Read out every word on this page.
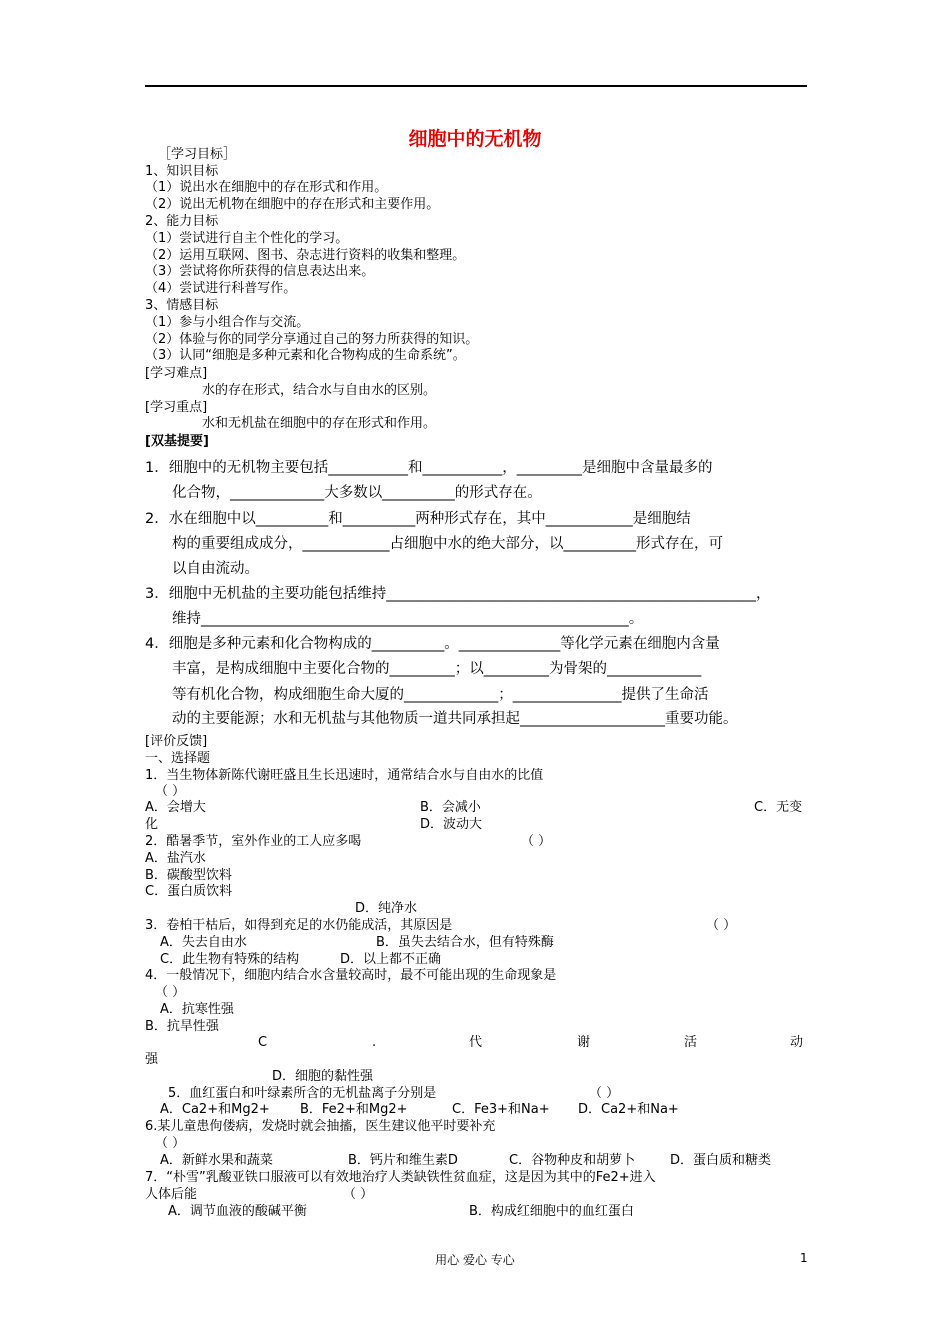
细胞中的无机物
［学习目标］
1、知识目标
（1）说出水在细胞中的存在形式和作用。
（2）说出无机物在细胞中的存在形式和主要作用。
2、能力目标
（1）尝试进行自主个性化的学习。
（2）运用互联网、图书、杂志进行资料的收集和整理。
（3）尝试将你所获得的信息表达出来。
（4）尝试进行科普写作。
3、情感目标
（1）参与小组合作与交流。
（2）体验与你的同学分享通过自己的努力所获得的知识。
（3）认同“细胞是多种元素和化合物构成的生命系统”。
[学习难点]
水的存在形式，结合水与自由水的区别。
[学习重点]
水和无机盐在细胞中的存在形式和作用。
[双基提要]
1．细胞中的无机物主要包括___________和___________，_________是细胞中含量最多的
化合物，_____________大多数以__________的形式存在。
2．水在细胞中以__________和__________两种形式存在，其中____________是细胞结
构的重要组成成分，____________占细胞中水的绝大部分，以__________形式存在，可
以自由流动。
3．细胞中无机盐的主要功能包括维持___________________________________________________，
维持___________________________________________________________。
4．细胞是多种元素和化合物构成的__________。______________等化学元素在细胞内含量
丰富，是构成细胞中主要化合物的_________；以_________为骨架的_____________
等有机化合物，构成细胞生命大厦的_____________；_______________提供了生命活
动的主要能源；水和无机盐与其他物质一道共同承担起____________________重要功能。
[评价反馈]
一、选择题
1．当生物体新陈代谢旺盛且生长迅速时，通常结合水与自由水的比值
（ ）
A．会增大	B．会减小	C．无变
化	D．波动大
2．酷暑季节，室外作业的工人应多喝	（ ）
A．盐汽水
B．碳酸型饮料
C．蛋白质饮料
D．纯净水
3．卷柏干枯后，如得到充足的水仍能成活，其原因是	（ ）
A．失去自由水	B．虽失去结合水，但有特殊酶
C．此生物有特殊的结构	D．以上都不正确
4．一般情况下，细胞内结合水含量较高时，最不可能出现的生命现象是
（ ）
A．抗寒性强
B．抗旱性强
C	.	代	谢	活	动
强
D．细胞的黏性强
5．血红蛋白和叶绿素所含的无机盐离子分别是	（ ）
A．Ca2+和Mg2+ B．Fe2+和Mg2+	C．Fe3+和Na+ D．Ca2+和Na+
6.某儿童患佝偻病，发烧时就会抽搐，医生建议他平时要补充
（ ）
A．新鲜水果和蔬菜	B．钙片和维生素D	C．谷物种皮和胡萝卜	D．蛋白质和糖类
7．“朴雪”乳酸亚铁口服液可以有效地治疗人类缺铁性贫血症，这是因为其中的Fe2+进入
人体后能	（ ）
A．调节血液的酸碱平衡	B．构成红细胞中的血红蛋白
用心 爱心 专心	1
